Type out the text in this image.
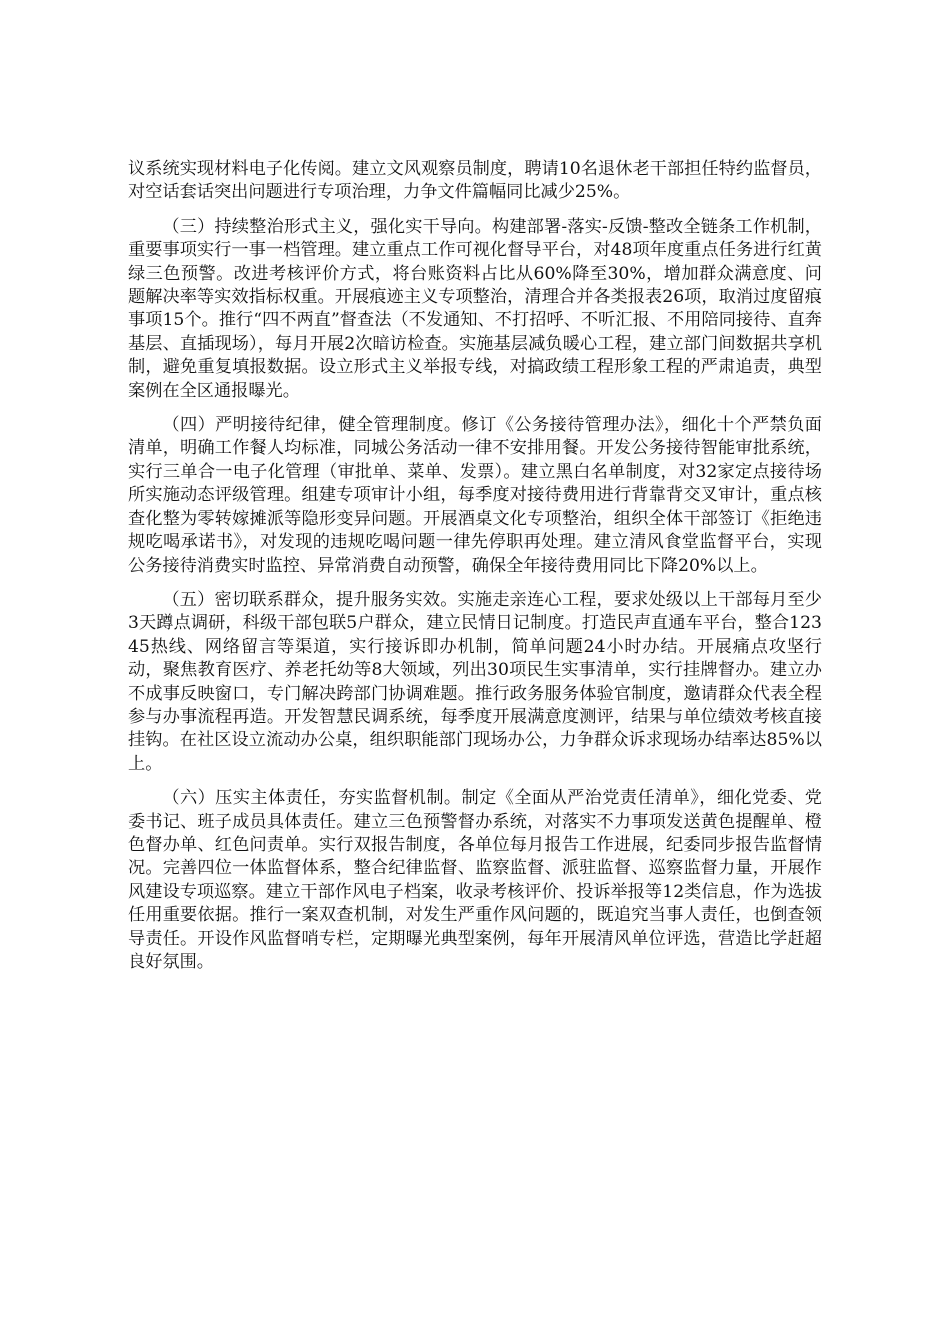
议系统实现材料电子化传阅。建立文风观察员制度，聘请10名退休老干部担任特约监督员，对空话套话突出问题进行专项治理，力争文件篇幅同比减少25%。

（三）持续整治形式主义，强化实干导向。构建部署-落实-反馈-整改全链条工作机制，重要事项实行一事一档管理。建立重点工作可视化督导平台，对48项年度重点任务进行红黄绿三色预警。改进考核评价方式，将台账资料占比从60%降至30%，增加群众满意度、问题解决率等实效指标权重。开展痕迹主义专项整治，清理合并各类报表26项，取消过度留痕事项15个。推行“四不两直”督查法（不发通知、不打招呼、不听汇报、不用陪同接待、直奔基层、直插现场），每月开展2次暗访检查。实施基层减负暖心工程，建立部门间数据共享机制，避免重复填报数据。设立形式主义举报专线，对搞政绩工程形象工程的严肃追责，典型案例在全区通报曝光。

（四）严明接待纪律，健全管理制度。修订《公务接待管理办法》，细化十个严禁负面清单，明确工作餐人均标准，同城公务活动一律不安排用餐。开发公务接待智能审批系统，实行三单合一电子化管理（审批单、菜单、发票）。建立黑白名单制度，对32家定点接待场所实施动态评级管理。组建专项审计小组，每季度对接待费用进行背靠背交叉审计，重点核查化整为零转嫁摊派等隐形变异问题。开展酒桌文化专项整治，组织全体干部签订《拒绝违规吃喝承诺书》，对发现的违规吃喝问题一律先停职再处理。建立清风食堂监督平台，实现公务接待消费实时监控、异常消费自动预警，确保全年接待费用同比下降20%以上。

（五）密切联系群众，提升服务实效。实施走亲连心工程，要求处级以上干部每月至少3天蹲点调研，科级干部包联5户群众，建立民情日记制度。打造民声直通车平台，整合12345热线、网络留言等渠道，实行接诉即办机制，简单问题24小时办结。开展痛点攻坚行动，聚焦教育医疗、养老托幼等8大领域，列出30项民生实事清单，实行挂牌督办。建立办不成事反映窗口，专门解决跨部门协调难题。推行政务服务体验官制度，邀请群众代表全程参与办事流程再造。开发智慧民调系统，每季度开展满意度测评，结果与单位绩效考核直接挂钩。在社区设立流动办公桌，组织职能部门现场办公，力争群众诉求现场办结率达85%以上。

（六）压实主体责任，夯实监督机制。制定《全面从严治党责任清单》，细化党委、党委书记、班子成员具体责任。建立三色预警督办系统，对落实不力事项发送黄色提醒单、橙色督办单、红色问责单。实行双报告制度，各单位每月报告工作进展，纪委同步报告监督情况。完善四位一体监督体系，整合纪律监督、监察监督、派驻监督、巡察监督力量，开展作风建设专项巡察。建立干部作风电子档案，收录考核评价、投诉举报等12类信息，作为选拔任用重要依据。推行一案双查机制，对发生严重作风问题的，既追究当事人责任，也倒查领导责任。开设作风监督哨专栏，定期曝光典型案例，每年开展清风单位评选，营造比学赶超良好氛围。
